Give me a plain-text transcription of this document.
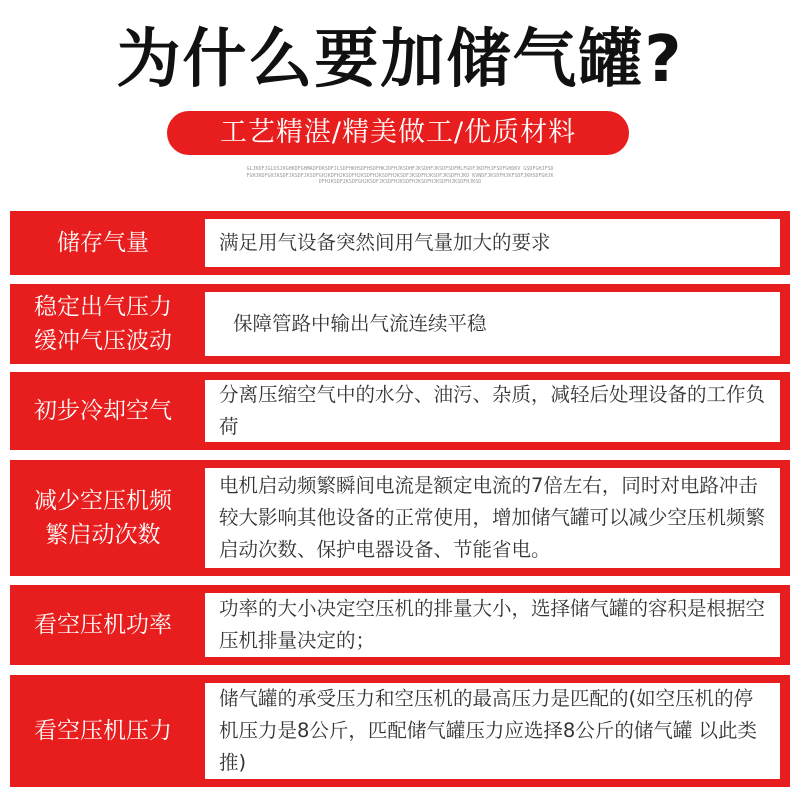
为什么要加储气罐?
工艺精湛/精美做工/优质材料
GLJKDFJGLDSJKGHKDFGHMADFDKSDFJLSDFHKHSDFHSDFHKJDFHJKSDHFJKSDHFJKSDFSDFMLFGDFJKDFHJFSDFGHDKV GSDFGHJFSDFGHJKDFGHJKSDFJKSDFJKSDFGHJKDFHJKSDFHJKSDFHJKSDFHJKSDFJKSDFHJKSDFJKSDFHJKD KVNDFJKSDFHJKFSDFJKHSDFGHJKDFHJKSDFJKSDFGHJKSDFJKSDFHJKSDFHJKSDFHJKSDFHJKSDFHJKSD
储存气量	满足用气设备突然间用气量加大的要求
稳定出气压力
缓冲气压波动
保障管路中输出气流连续平稳
初步冷却空气
分离压缩空气中的水分、油污、杂质，减轻后处理设备的工作负荷
减少空压机频
繁启动次数
电机启动频繁瞬间电流是额定电流的7倍左右，同时对电路冲击较大影响其他设备的正常使用，增加储气罐可以减少空压机频繁启动次数、保护电器设备、节能省电。
看空压机功率
功率的大小决定空压机的排量大小，选择储气罐的容积是根据空压机排量决定的；
看空压机压力
储气罐的承受压力和空压机的最高压力是匹配的(如空压机的停机压力是8公斤，匹配储气罐压力应选择8公斤的储气罐 以此类推)
